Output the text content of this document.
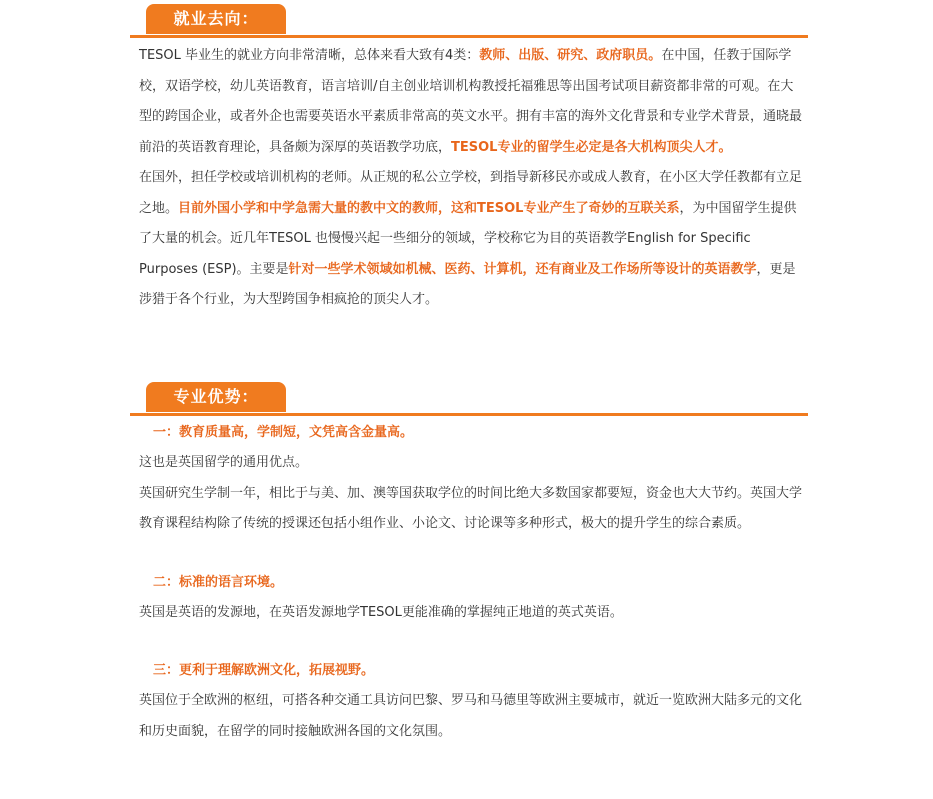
就业去向：

TESOL 毕业生的就业方向非常清晰，总体来看大致有4类：教师、出版、研究、政府职员。在中国，任教于国际学校，双语学校，幼儿英语教育，语言培训/自主创业培训机构教授托福雅思等出国考试项目薪资都非常的可观。在大型的跨国企业，或者外企也需要英语水平素质非常高的英文水平。拥有丰富的海外文化背景和专业学术背景，通晓最前沿的英语教育理论，具备颇为深厚的英语教学功底，TESOL专业的留学生必定是各大机构顶尖人才。

在国外，担任学校或培训机构的老师。从正规的私公立学校，到指导新移民亦或成人教育，在小区大学任教都有立足之地。目前外国小学和中学急需大量的教中文的教师，这和TESOL专业产生了奇妙的互联关系，为中国留学生提供了大量的机会。近几年TESOL 也慢慢兴起一些细分的领域，学校称它为目的英语教学English for Specific Purposes (ESP)。主要是针对一些学术领域如机械、医药、计算机，还有商业及工作场所等设计的英语教学，更是涉猎于各个行业，为大型跨国争相疯抢的顶尖人才。

专业优势：

一：教育质量高，学制短，文凭高含金量高。

这也是英国留学的通用优点。

英国研究生学制一年，相比于与美、加、澳等国获取学位的时间比绝大多数国家都要短，资金也大大节约。英国大学教育课程结构除了传统的授课还包括小组作业、小论文、讨论课等多种形式，极大的提升学生的综合素质。

二：标准的语言环境。

英国是英语的发源地，在英语发源地学TESOL更能准确的掌握纯正地道的英式英语。

三：更利于理解欧洲文化，拓展视野。

英国位于全欧洲的枢纽，可搭各种交通工具访问巴黎、罗马和马德里等欧洲主要城市，就近一览欧洲大陆多元的文化和历史面貌，在留学的同时接触欧洲各国的文化氛围。
